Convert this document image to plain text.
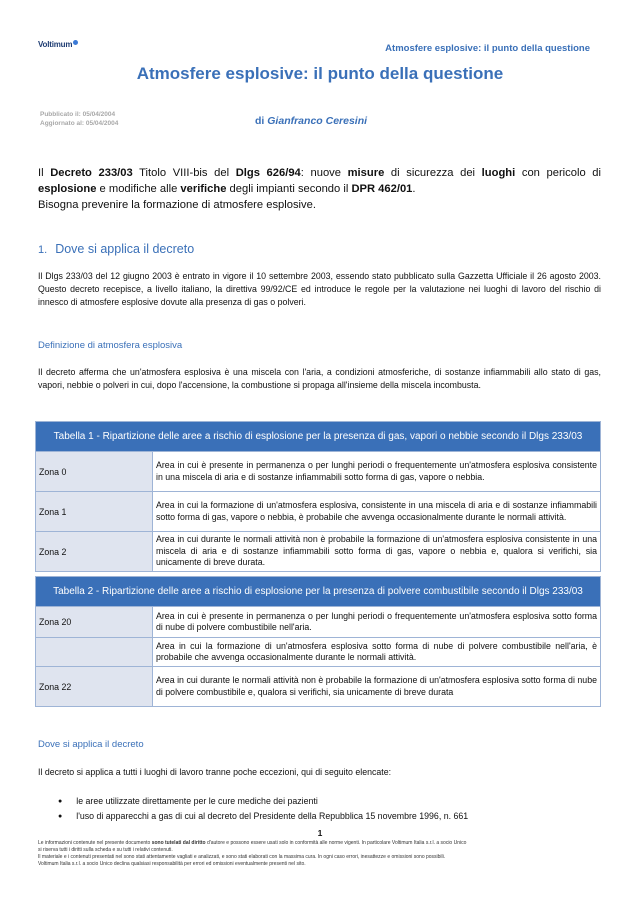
Voltimum	Atmosfere esplosive: il punto della questione
Atmosfere esplosive: il punto della questione
Pubblicato il: 05/04/2004
Aggiornato al: 05/04/2004	di Gianfranco Ceresini
Il Decreto 233/03 Titolo VIII-bis del Dlgs 626/94: nuove misure di sicurezza dei luoghi con pericolo di esplosione e modifiche alle verifiche degli impianti secondo il DPR 462/01.
Bisogna prevenire la formazione di atmosfere esplosive.
1. Dove si applica il decreto
Il Dlgs 233/03 del 12 giugno 2003 è entrato in vigore il 10 settembre 2003, essendo stato pubblicato sulla Gazzetta Ufficiale il 26 agosto 2003. Questo decreto recepisce, a livello italiano, la direttiva 99/92/CE ed introduce le regole per la valutazione nei luoghi di lavoro del rischio di innesco di atmosfere esplosive dovute alla presenza di gas o polveri.
Definizione di atmosfera esplosiva
Il decreto afferma che un'atmosfera esplosiva è una miscela con l'aria, a condizioni atmosferiche, di sostanze infiammabili allo stato di gas, vapori, nebbie o polveri in cui, dopo l'accensione, la combustione si propaga all'insieme della miscela incombusta.
Tabella 1 - Ripartizione delle aree a rischio di esplosione per la presenza di gas, vapori o nebbie secondo il Dlgs 233/03	
Zona 0	Area in cui è presente in permanenza o per lunghi periodi o frequentemente un'atmosfera esplosiva consistente in una miscela di aria e di sostanze infiammabili sotto forma di gas, vapore o nebbia.
Zona 1	Area in cui la formazione di un'atmosfera esplosiva, consistente in una miscela di aria e di sostanze infiammabili sotto forma di gas, vapore o nebbia, è probabile che avvenga occasionalmente durante le normali attività.
Zona 2	Area in cui durante le normali attività non è probabile la formazione di un'atmosfera esplosiva consistente in una miscela di aria e di sostanze infiammabili sotto forma di gas, vapore o nebbia e, qualora si verifichi, sia unicamente di breve durata.
Tabella 2 - Ripartizione delle aree a rischio di esplosione per la presenza di polvere combustibile secondo il Dlgs 233/03	
Zona 20	Area in cui è presente in permanenza o per lunghi periodi o frequentemente un'atmosfera esplosiva sotto forma di nube di polvere combustibile nell'aria.
	Area in cui la formazione di un'atmosfera esplosiva sotto forma di nube di polvere combustibile nell'aria, è probabile che avvenga occasionalmente durante le normali attività.
Zona 22	Area in cui durante le normali attività non è probabile la formazione di un'atmosfera esplosiva sotto forma di nube di polvere combustibile e, qualora si verifichi, sia unicamente di breve durata
Dove si applica il decreto
Il decreto si applica a tutti i luoghi di lavoro tranne poche eccezioni, qui di seguito elencate:
● le aree utilizzate direttamente per le cure mediche dei pazienti
● l'uso di apparecchi a gas di cui al decreto del Presidente della Repubblica 15 novembre 1996, n. 661
1
Le informazioni contenute nel presente documento sono tutelati dal diritto d'autore e possono essere usati solo in conformità alle norme vigenti. In particolare Voltimum Italia s.r.l. a socio Unico
si riserva tutti i diritti sulla scheda e su tutti i relativi contenuti.
Il materiale e i contenuti presentati nel sono stati attentamente vagliati e analizzati, e sono stati elaborati con la massima cura. In ogni caso errori, inesattezze e omissioni sono possibili.
Voltimum Italia s.r.l. a socio Unico declina qualsiasi responsabilità per errori ed omissioni eventualmente presenti nel sito.
